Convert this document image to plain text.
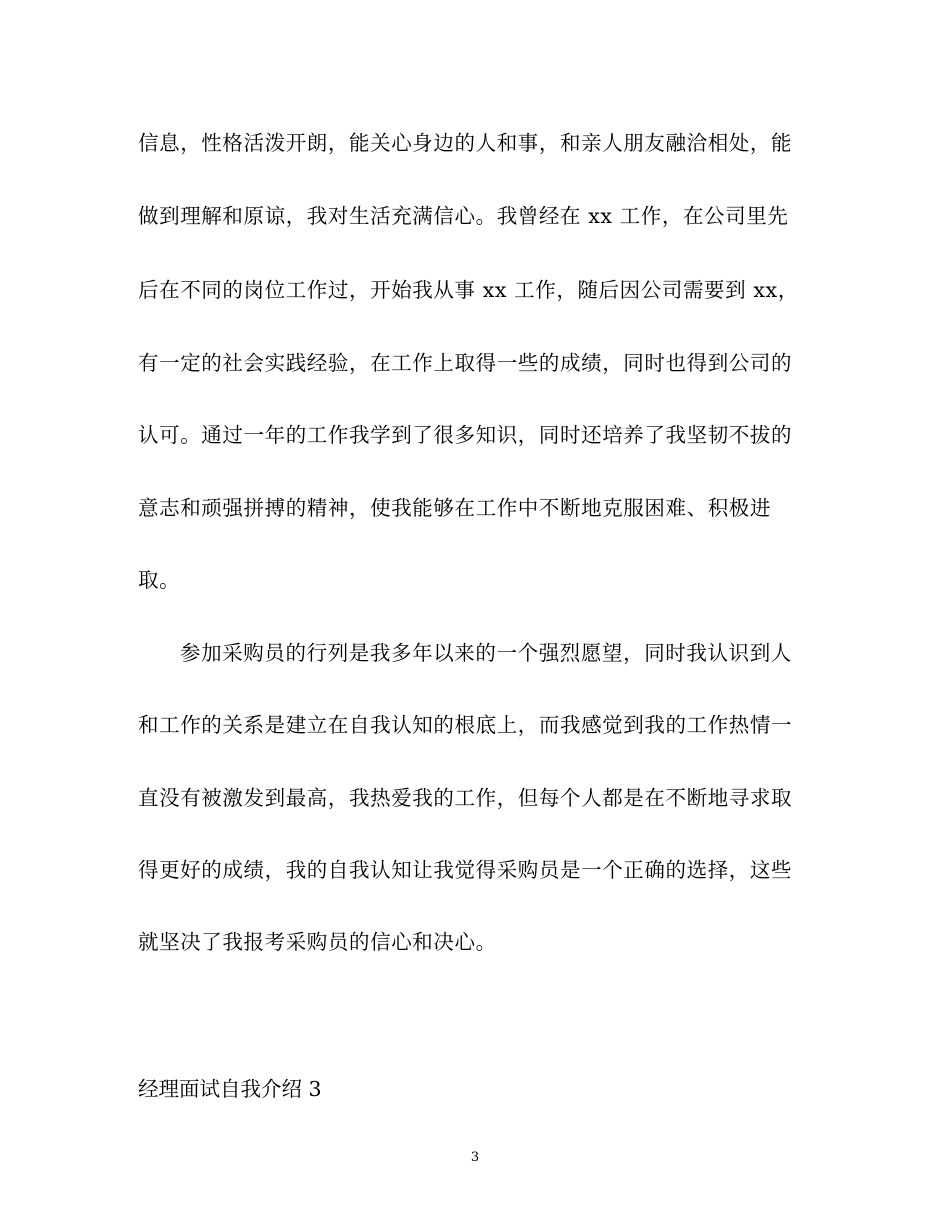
信息，性格活泼开朗，能关心身边的人和事，和亲人朋友融洽相处，能
做到理解和原谅，我对生活充满信心。我曾经在 xx 工作，在公司里先
后在不同的岗位工作过，开始我从事 xx 工作，随后因公司需要到 xx，
有一定的社会实践经验，在工作上取得一些的成绩，同时也得到公司的
认可。通过一年的工作我学到了很多知识，同时还培养了我坚韧不拔的
意志和顽强拼搏的精神，使我能够在工作中不断地克服困难、积极进
取。
参加采购员的行列是我多年以来的一个强烈愿望，同时我认识到人
和工作的关系是建立在自我认知的根底上，而我感觉到我的工作热情一
直没有被激发到最高，我热爱我的工作，但每个人都是在不断地寻求取
得更好的成绩，我的自我认知让我觉得采购员是一个正确的选择，这些
就坚决了我报考采购员的信心和决心。
经理面试自我介绍 3
3
